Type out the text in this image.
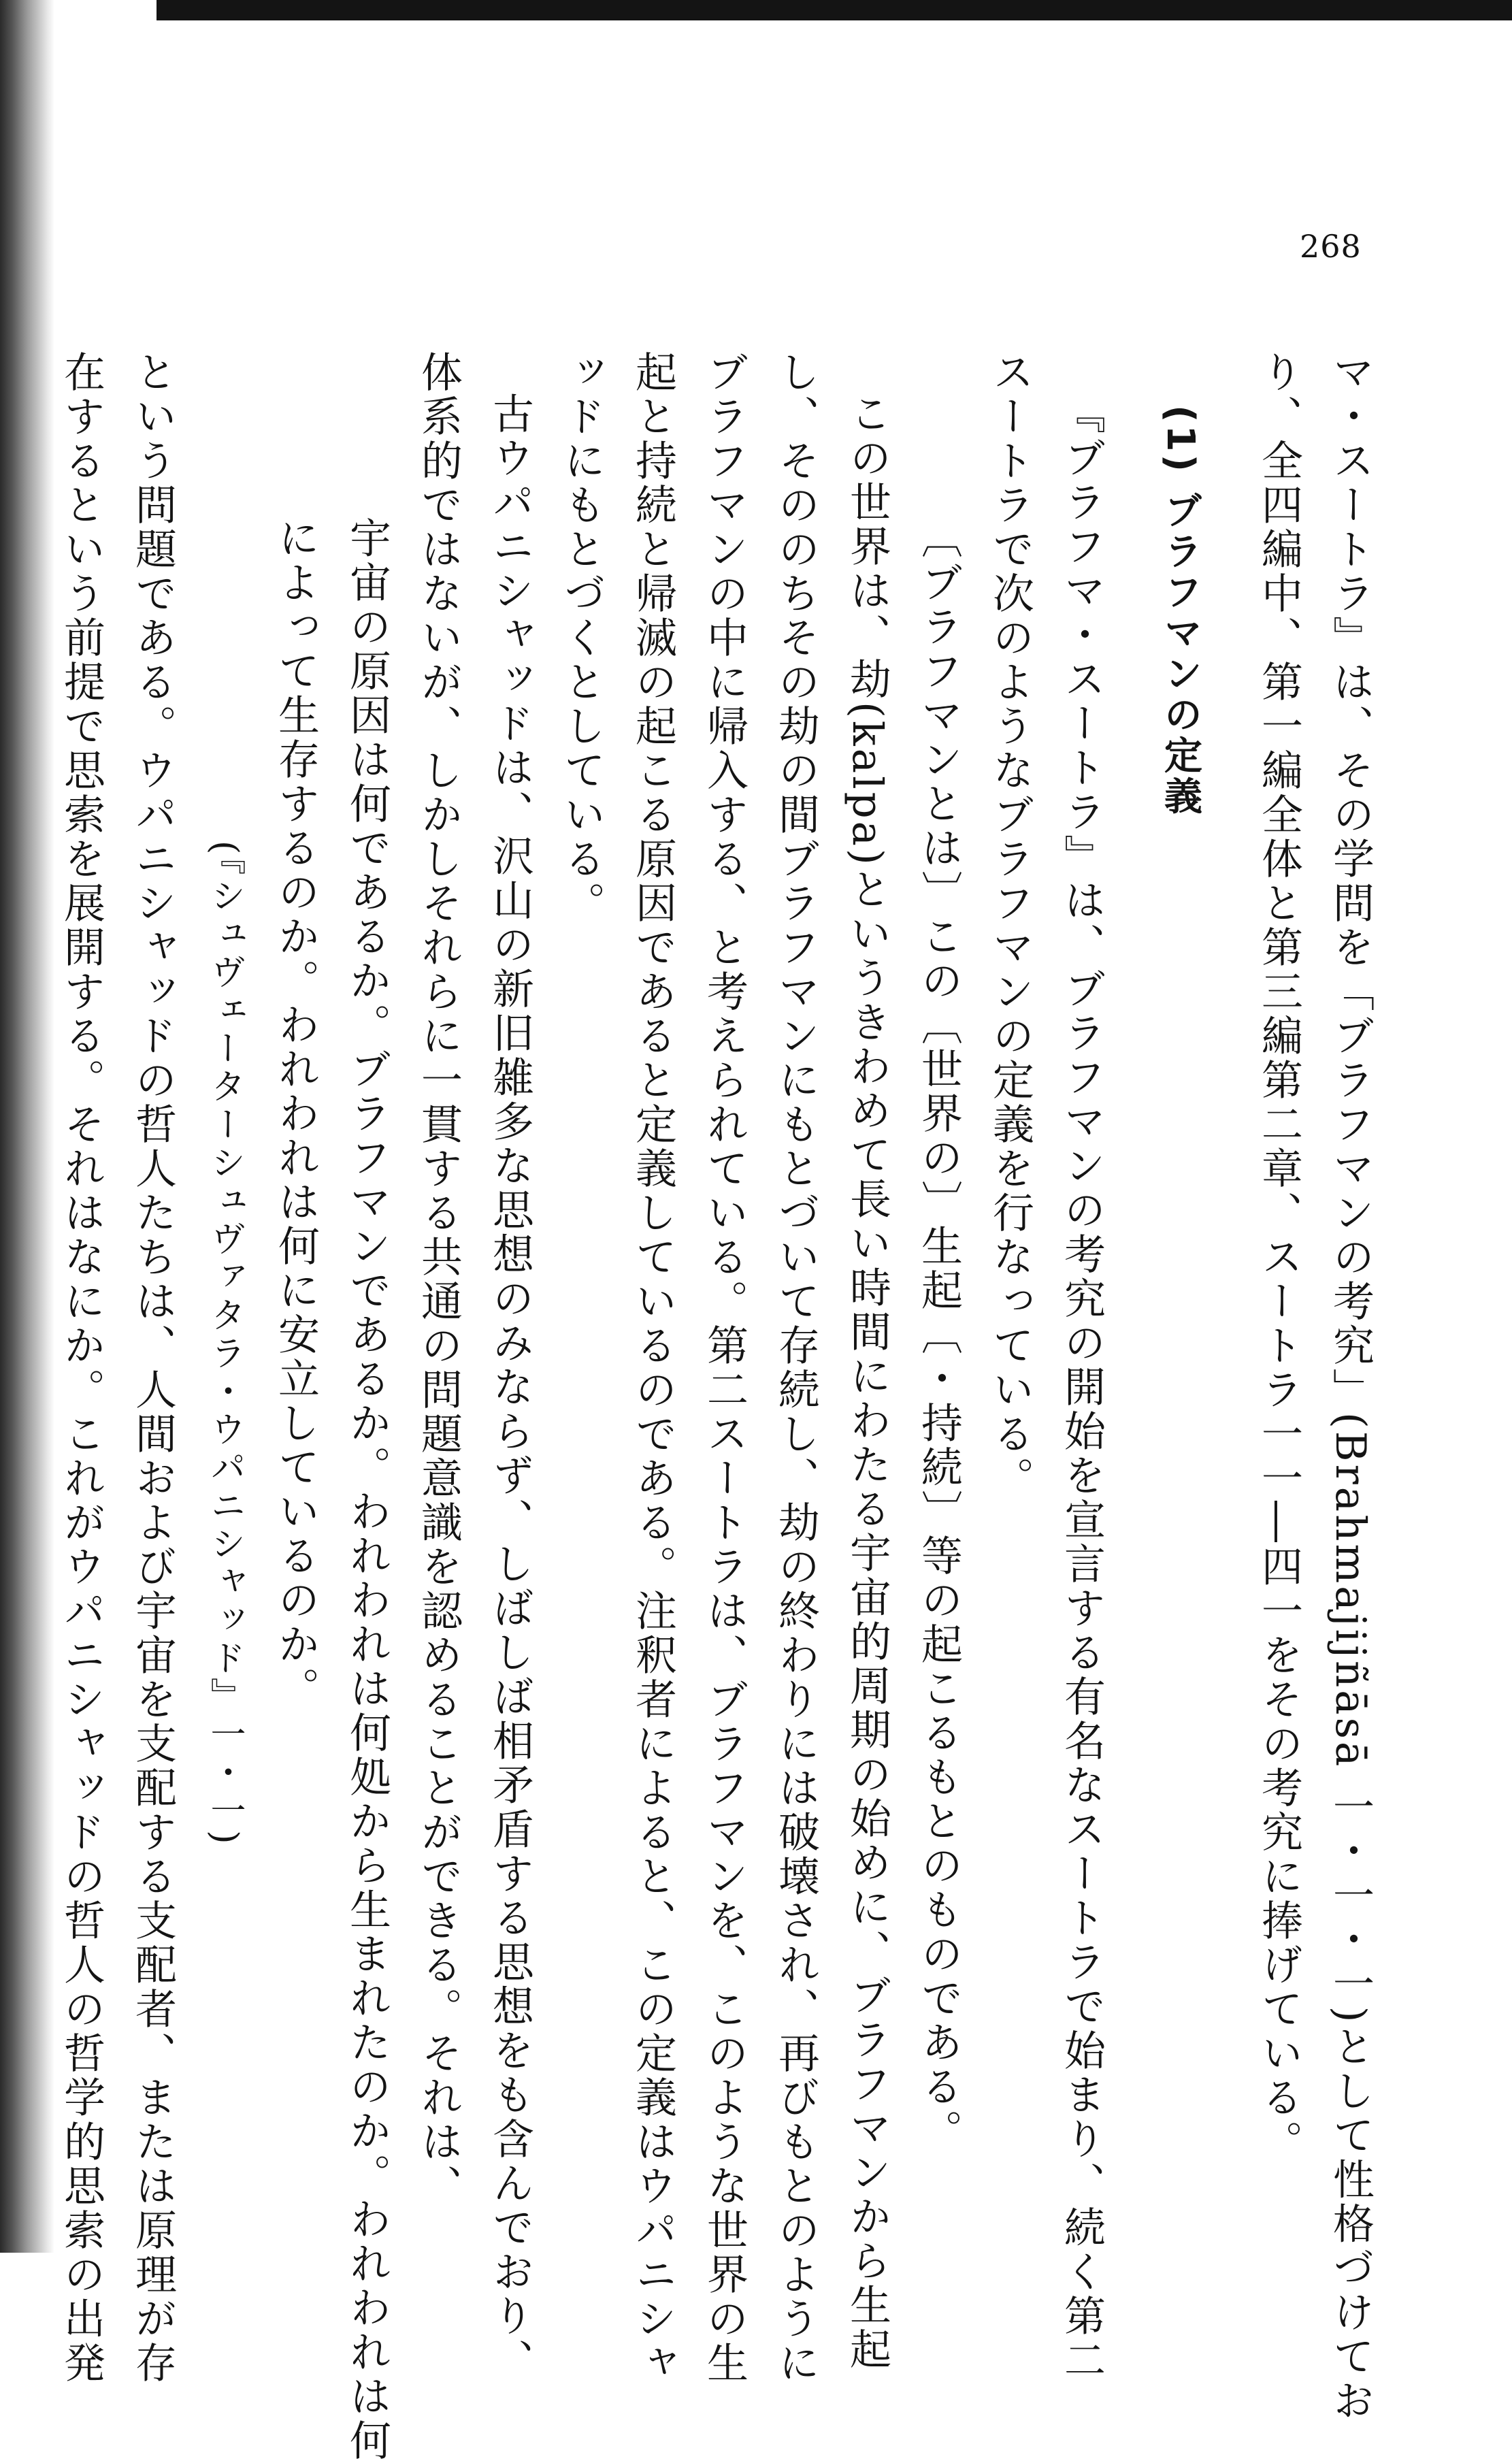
268
マ・スートラ』は、その学問を「ブラフマンの考究」(Brahmajijñāsā 一・一・一)として性格づけてお
り、全四編中、第一編全体と第三編第二章、スートラ一一―四一をその考究に捧げている。
(1) ブラフマンの定義
『ブラフマ・スートラ』は、ブラフマンの考究の開始を宣言する有名なスートラで始まり、続く第二
スートラで次のようなブラフマンの定義を行なっている。
〔ブラフマンとは〕この〔世界の〕生起〔・持続〕等の起こるもとのものである。
この世界は、劫(kalpa)というきわめて長い時間にわたる宇宙的周期の始めに、ブラフマンから生起
し、そののちその劫の間ブラフマンにもとづいて存続し、劫の終わりには破壊され、再びもとのように
ブラフマンの中に帰入する、と考えられている。第二スートラは、ブラフマンを、このような世界の生
起と持続と帰滅の起こる原因であると定義しているのである。注釈者によると、この定義はウパニシャ
ッドにもとづくとしている。
古ウパニシャッドは、沢山の新旧雑多な思想のみならず、しばしば相矛盾する思想をも含んでおり、
体系的ではないが、しかしそれらに一貫する共通の問題意識を認めることができる。それは、
宇宙の原因は何であるか。ブラフマンであるか。われわれは何処から生まれたのか。われわれは何
によって生存するのか。われわれは何に安立しているのか。
(『シュヴェーターシュヴァタラ・ウパニシャッド』一・一)
という問題である。ウパニシャッドの哲人たちは、人間および宇宙を支配する支配者、または原理が存
在するという前提で思索を展開する。それはなにか。これがウパニシャッドの哲人の哲学的思索の出発
